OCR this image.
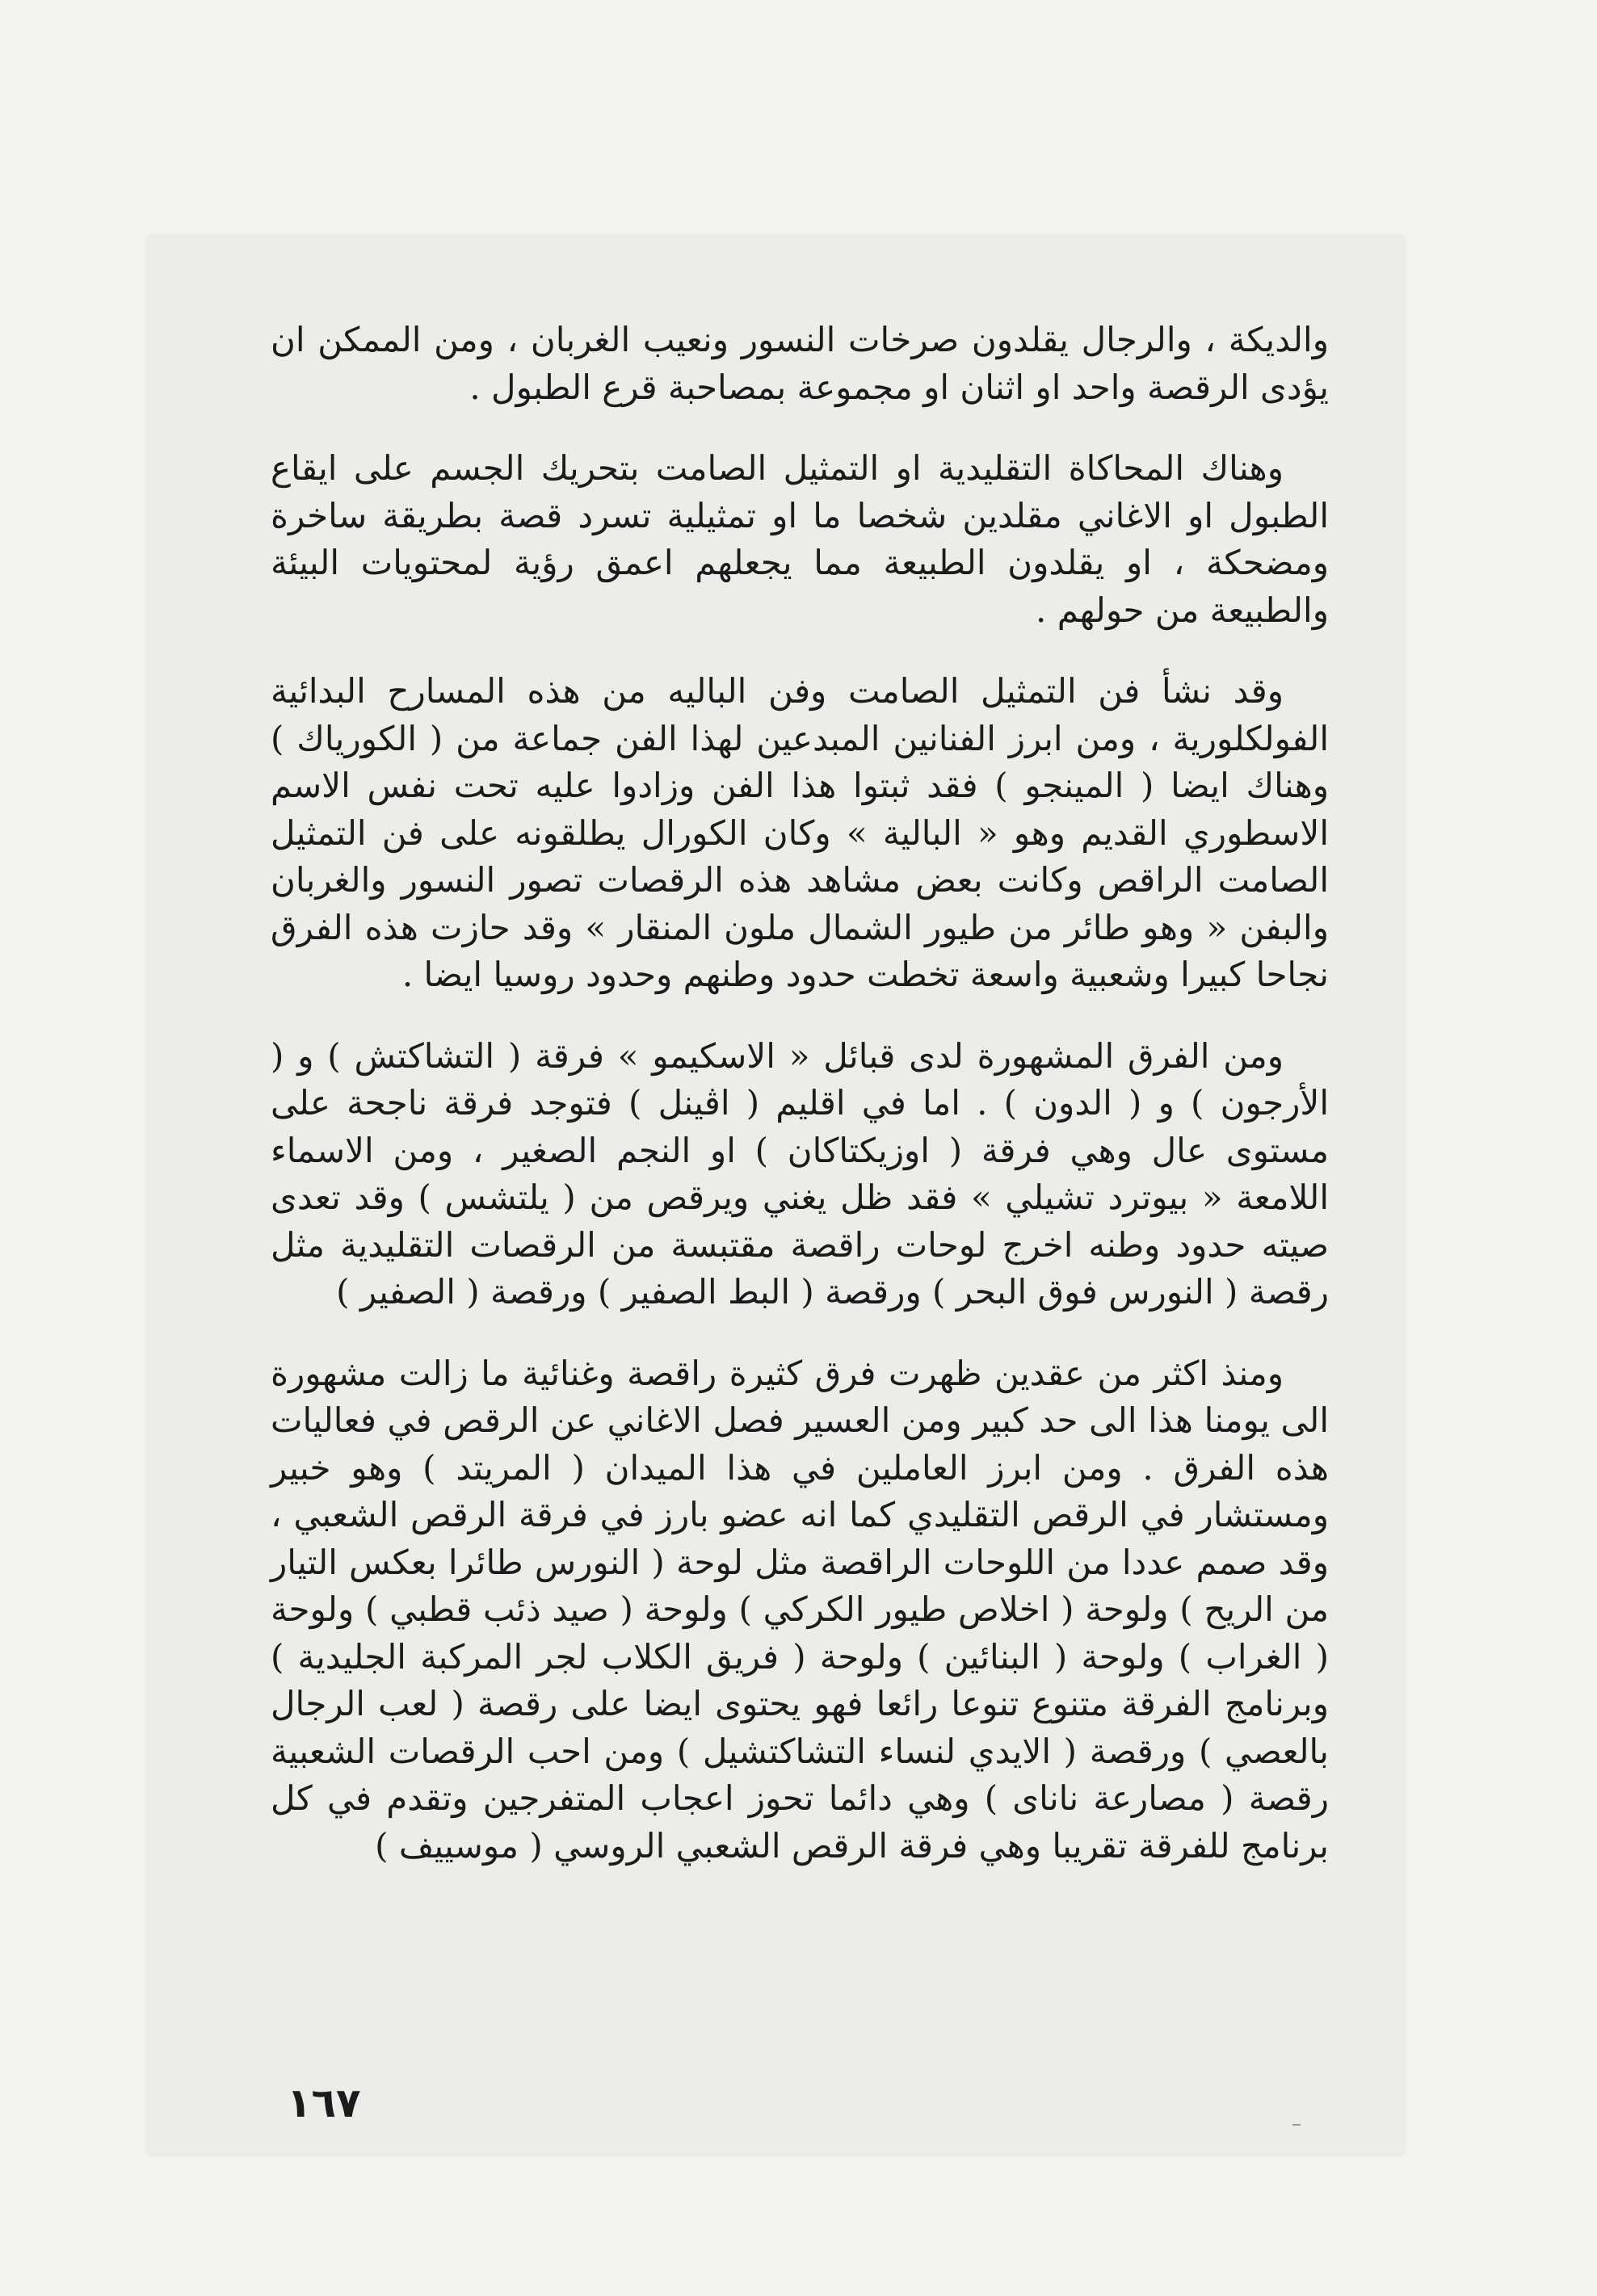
والديكة ، والرجال يقلدون صرخات النسور ونعيب الغربان ، ومن الممكن ان يؤدى الرقصة واحد او اثنان او مجموعة بمصاحبة قرع الطبول .

وهناك المحاكاة التقليدية او التمثيل الصامت بتحريك الجسم على ايقاع الطبول او الاغاني مقلدين شخصا ما او تمثيلية تسرد قصة بطريقة ساخرة ومضحكة ، او يقلدون الطبيعة مما يجعلهم اعمق رؤية لمحتويات البيئة والطبيعة من حولهم .

وقد نشأ فن التمثيل الصامت وفن الباليه من هذه المسارح البدائية الفولكلورية ، ومن ابرز الفنانين المبدعين لهذا الفن جماعة من ( الكورياك ) وهناك ايضا ( المينجو ) فقد ثبتوا هذا الفن وزادوا عليه تحت نفس الاسم الاسطوري القديم وهو « البالية » وكان الكورال يطلقونه على فن التمثيل الصامت الراقص وكانت بعض مشاهد هذه الرقصات تصور النسور والغربان والبفن « وهو طائر من طيور الشمال ملون المنقار » وقد حازت هذه الفرق نجاحا كبيرا وشعبية واسعة تخطت حدود وطنهم وحدود روسيا ايضا .

ومن الفرق المشهورة لدى قبائل « الاسكيمو » فرقة ( التشاكتش ) و ( الأرجون ) و ( الدون ) . اما في اقليم ( اڤينل ) فتوجد فرقة ناجحة على مستوى عال وهي فرقة ( اوزيكتاكان ) او النجم الصغير ، ومن الاسماء اللامعة « بيوترد تشيلي » فقد ظل يغني ويرقص من ( يلتشس ) وقد تعدى صيته حدود وطنه اخرج لوحات راقصة مقتبسة من الرقصات التقليدية مثل رقصة ( النورس فوق البحر ) ورقصة ( البط الصفير ) ورقصة ( الصفير )

ومنذ اكثر من عقدين ظهرت فرق كثيرة راقصة وغنائية ما زالت مشهورة الى يومنا هذا الى حد كبير ومن العسير فصل الاغاني عن الرقص في فعاليات هذه الفرق . ومن ابرز العاملين في هذا الميدان ( المريتد ) وهو خبير ومستشار في الرقص التقليدي كما انه عضو بارز في فرقة الرقص الشعبي ، وقد صمم عددا من اللوحات الراقصة مثل لوحة ( النورس طائرا بعكس التيار من الريح ) ولوحة ( اخلاص طيور الكركي ) ولوحة ( صيد ذئب قطبي ) ولوحة ( الغراب ) ولوحة ( البنائين ) ولوحة ( فريق الكلاب لجر المركبة الجليدية ) وبرنامج الفرقة متنوع تنوعا رائعا فهو يحتوى ايضا على رقصة ( لعب الرجال بالعصي ) ورقصة ( الايدي لنساء التشاكتشيل ) ومن احب الرقصات الشعبية رقصة ( مصارعة ناناى ) وهي دائما تحوز اعجاب المتفرجين وتقدم في كل برنامج للفرقة تقريبا وهي فرقة الرقص الشعبي الروسي ( موسييف )

١٦٧
